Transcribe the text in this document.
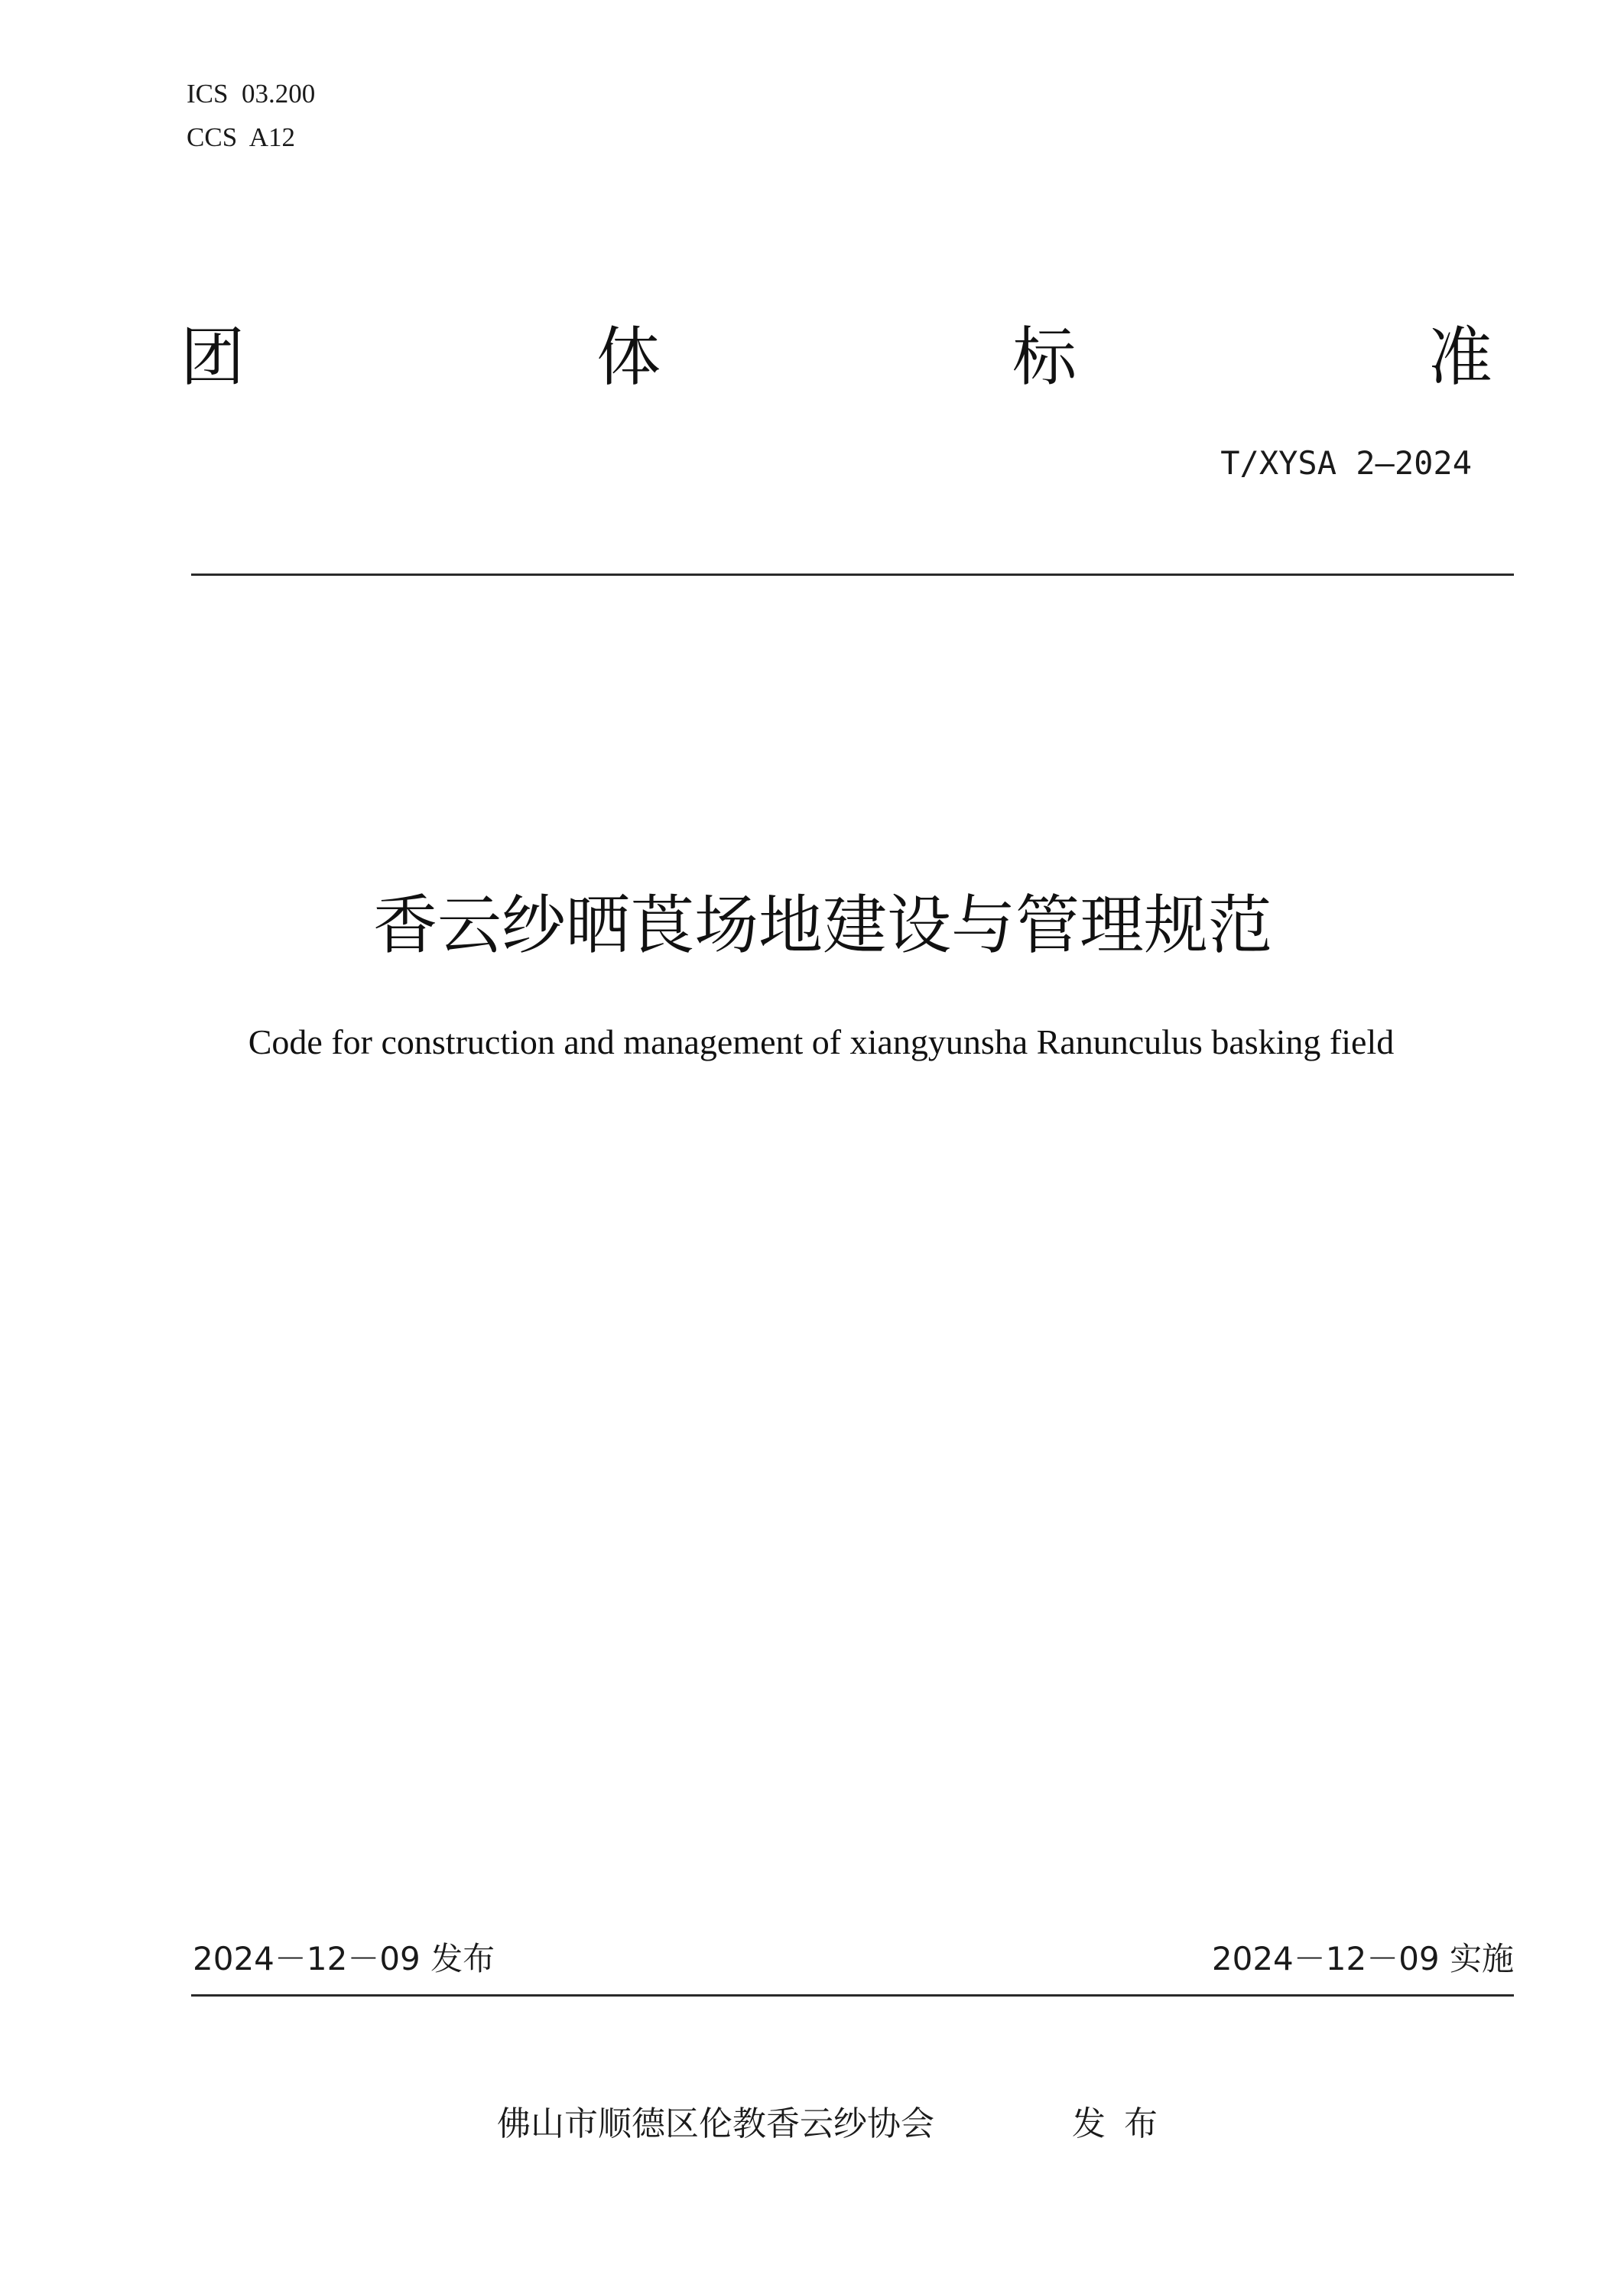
ICS  03.200
CCS  A12
团	体	标	准
T/XYSA 2—2024
香云纱晒莨场地建设与管理规范
Code for construction and management of xiangyunsha Ranunculus basking field
2024－12－09 发布	2024－12－09 实施
佛山市顺德区伦教香云纱协会	发布
